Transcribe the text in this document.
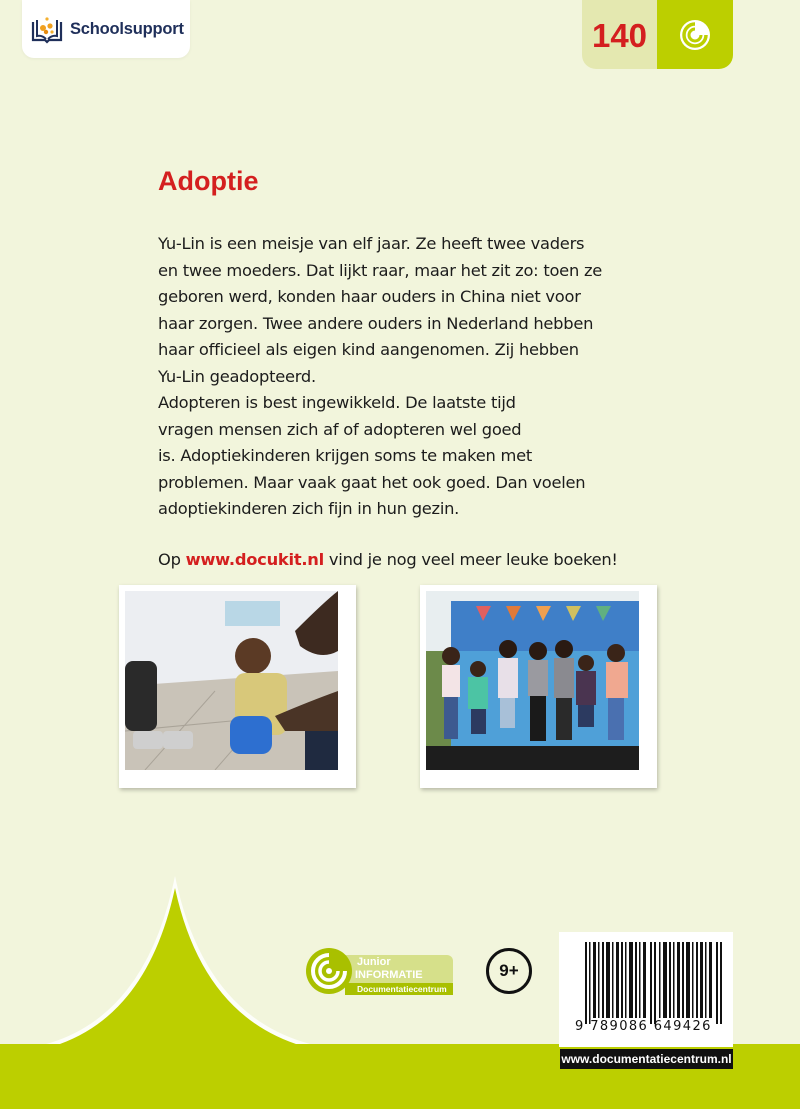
Schoolsupport	140
Adoptie

Yu-Lin is een meisje van elf jaar. Ze heeft twee vaders

en twee moeders. Dat lijkt raar, maar het zit zo: toen ze

geboren werd, konden haar ouders in China niet voor

haar zorgen. Twee andere ouders in Nederland hebben

haar officieel als eigen kind aangenomen. Zij hebben

Yu-Lin geadopteerd.

Adopteren is best ingewikkeld. De laatste tijd

vragen mensen zich af of adopteren wel goed

is. Adoptiekinderen krijgen soms te maken met

problemen. Maar vaak gaat het ook goed. Dan voelen

adoptiekinderen zich fijn in hun gezin.

Op www.docukit.nl vind je nog veel meer leuke boeken!
Junior
INFORMATIE
Documentatiecentrum
9+
9 789086 649426
www.documentatiecentrum.nl
